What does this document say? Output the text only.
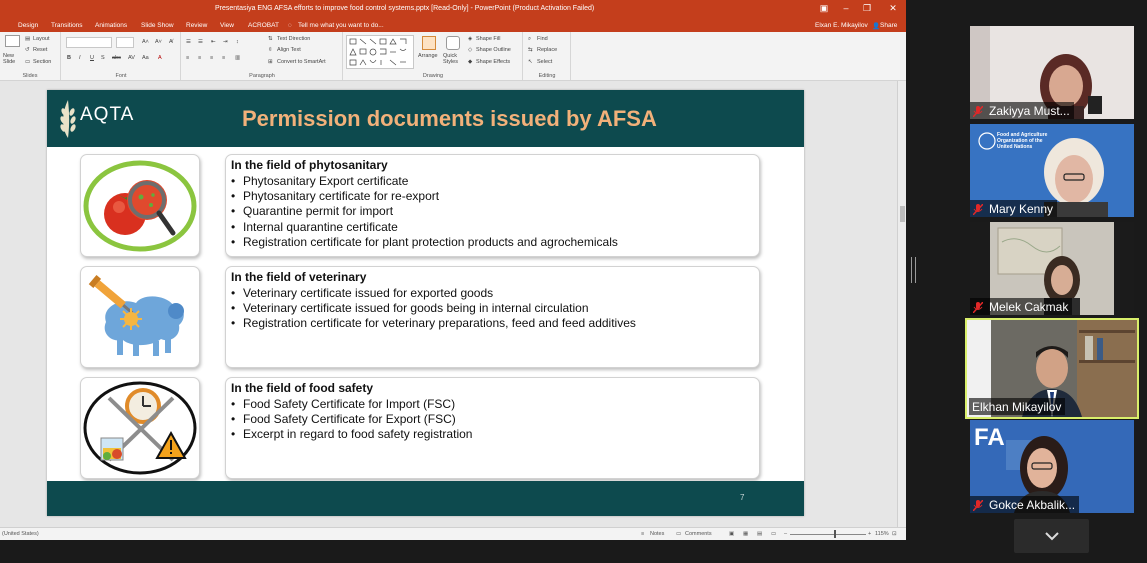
Presentasiya ENG AFSA efforts to improve food control systems.pptx [Read-Only] - PowerPoint (Product Activation Failed)	▣	–	❐	✕
Design Transitions Animations Slide Show Review View ACROBAT ◌ Tell me what you want to do...	Elxan E. Mikayilov 👤 Share
New Slide
▤ Layout
↺ Reset
▭ Section
Slides
A˄ A˅ A̸
B I U S abc AV Aa A
Font
☰ ☰ ⇤ ⇥ ↕
≡ ≡ ≡ ≡ ▥
⇅ Text Direction
⇳ Align Text
⊞ Convert to SmartArt
Paragraph
Arrange Quick Styles
◈ Shape Fill
◇ Shape Outline
◆ Shape Effects
Drawing
⌕ Find
⇆ Replace
↖ Select
Editing
AQTA	Permission documents issued by AFSA
In the field of phytosanitary
• Phytosanitary Export certificate
• Phytosanitary certificate for re-export
• Quarantine permit for import
• Internal quarantine certificate
• Registration certificate for plant protection products and agrochemicals
In the field of veterinary
• Veterinary certificate issued for exported goods
• Veterinary certificate issued for goods being in internal circulation
• Registration certificate for veterinary preparations, feed and feed additives
In the field of food safety
• Food Safety Certificate for Import (FSC)
• Food Safety Certificate for Export (FSC)
• Excerpt in regard to food safety registration
7
(United States)	≡ Notes ▭ Comments	▣ ▦ ▤ ▭ –	+ 115% ⊡
Zakiyya Must...
Food and Agriculture Organization of the United Nations
Mary Kenny
Melek Cakmak
Elkhan Mikayilov
FA
Gokce Akbalik...
